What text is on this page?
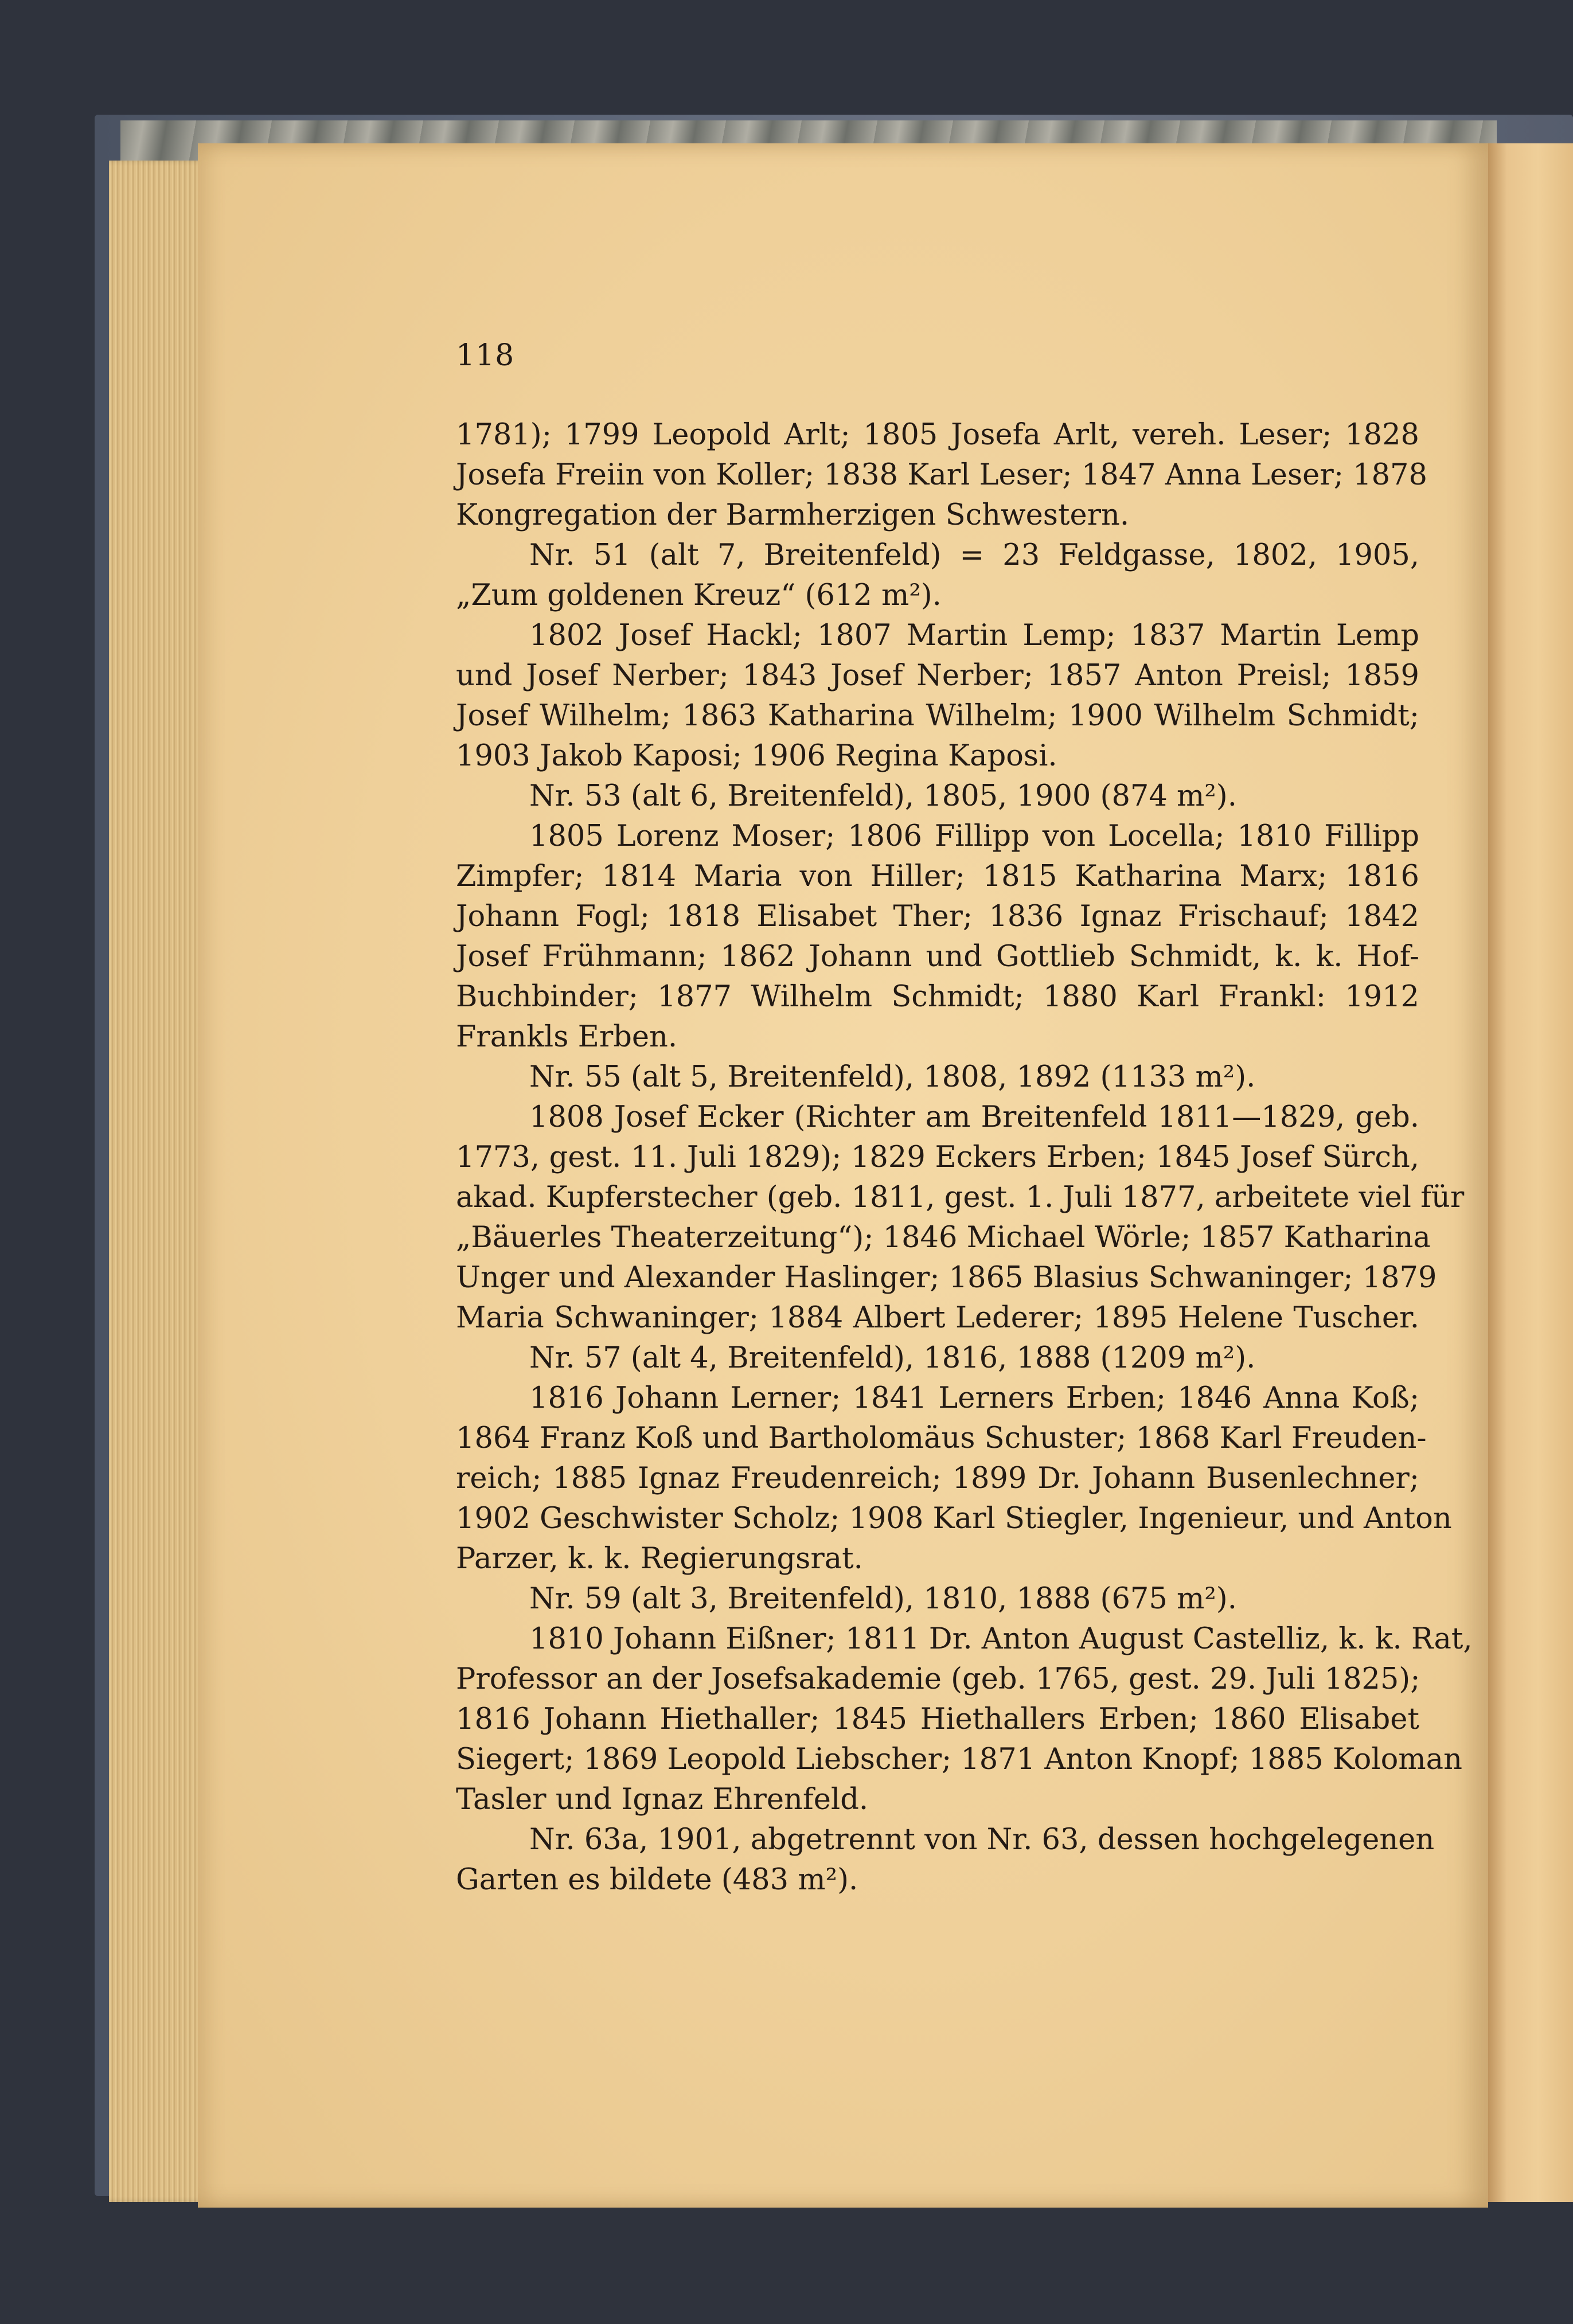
118
1781); 1799 Leopold Arlt; 1805 Josefa Arlt, vereh. Leser; 1828
Josefa Freiin von Koller; 1838 Karl Leser; 1847 Anna Leser; 1878
Kongregation der Barmherzigen Schwestern.
Nr. 51 (alt 7, Breitenfeld) = 23 Feldgasse, 1802, 1905,
„Zum goldenen Kreuz“ (612 m²).
1802 Josef Hackl; 1807 Martin Lemp; 1837 Martin Lemp
und Josef Nerber; 1843 Josef Nerber; 1857 Anton Preisl; 1859
Josef Wilhelm; 1863 Katharina Wilhelm; 1900 Wilhelm Schmidt;
1903 Jakob Kaposi; 1906 Regina Kaposi.
Nr. 53 (alt 6, Breitenfeld), 1805, 1900 (874 m²).
1805 Lorenz Moser; 1806 Fillipp von Locella; 1810 Fillipp
Zimpfer; 1814 Maria von Hiller; 1815 Katharina Marx; 1816
Johann Fogl; 1818 Elisabet Ther; 1836 Ignaz Frischauf; 1842
Josef Frühmann; 1862 Johann und Gottlieb Schmidt, k. k. Hof-
Buchbinder; 1877 Wilhelm Schmidt; 1880 Karl Frankl: 1912
Frankls Erben.
Nr. 55 (alt 5, Breitenfeld), 1808, 1892 (1133 m²).
1808 Josef Ecker (Richter am Breitenfeld 1811—1829, geb.
1773, gest. 11. Juli 1829); 1829 Eckers Erben; 1845 Josef Sürch,
akad. Kupferstecher (geb. 1811, gest. 1. Juli 1877, arbeitete viel für
„Bäuerles Theaterzeitung“); 1846 Michael Wörle; 1857 Katharina
Unger und Alexander Haslinger; 1865 Blasius Schwaninger; 1879
Maria Schwaninger; 1884 Albert Lederer; 1895 Helene Tuscher.
Nr. 57 (alt 4, Breitenfeld), 1816, 1888 (1209 m²).
1816 Johann Lerner; 1841 Lerners Erben; 1846 Anna Koß;
1864 Franz Koß und Bartholomäus Schuster; 1868 Karl Freuden-
reich; 1885 Ignaz Freudenreich; 1899 Dr. Johann Busenlechner;
1902 Geschwister Scholz; 1908 Karl Stiegler, Ingenieur, und Anton
Parzer, k. k. Regierungsrat.
Nr. 59 (alt 3, Breitenfeld), 1810, 1888 (675 m²).
1810 Johann Eißner; 1811 Dr. Anton August Castelliz, k. k. Rat,
Professor an der Josefsakademie (geb. 1765, gest. 29. Juli 1825);
1816 Johann Hiethaller; 1845 Hiethallers Erben; 1860 Elisabet
Siegert; 1869 Leopold Liebscher; 1871 Anton Knopf; 1885 Koloman
Tasler und Ignaz Ehrenfeld.
Nr. 63a, 1901, abgetrennt von Nr. 63, dessen hochgelegenen
Garten es bildete (483 m²).
